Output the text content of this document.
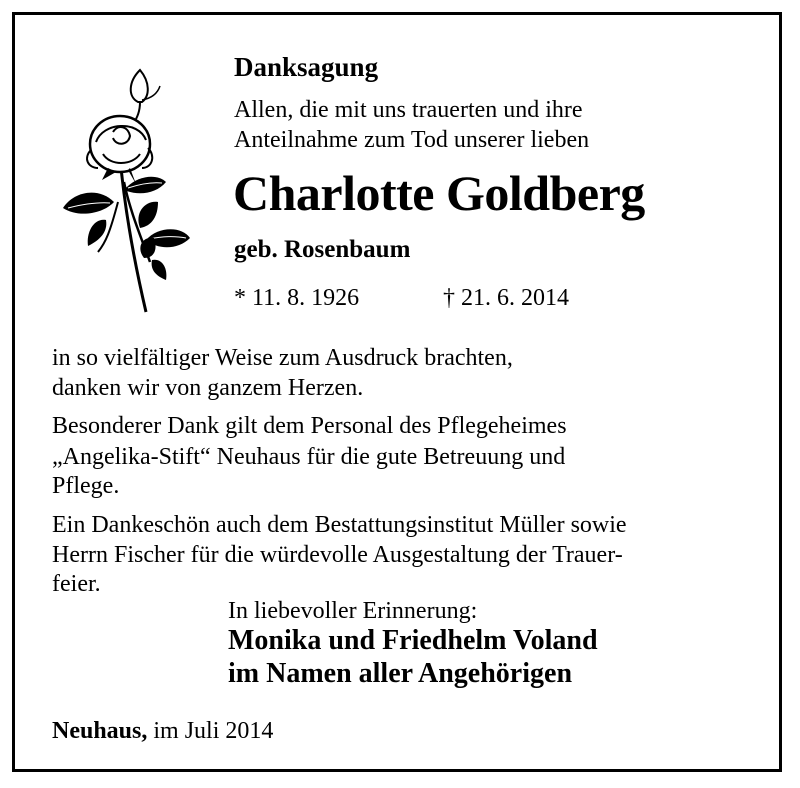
Danksagung
Allen, die mit uns trauerten und ihre
Anteilnahme zum Tod unserer lieben
Charlotte Goldberg
geb. Rosenbaum
* 11. 8. 1926	† 21. 6. 2014
in so vielfältiger Weise zum Ausdruck brachten,
danken wir von ganzem Herzen.
Besonderer Dank gilt dem Personal des Pflegeheimes
„Angelika-Stift“ Neuhaus für die gute Betreuung und
Pflege.
Ein Dankeschön auch dem Bestattungsinstitut Müller sowie
Herrn Fischer für die würdevolle Ausgestaltung der Trauer-
feier.
In liebevoller Erinnerung:
Monika und Friedhelm Voland
im Namen aller Angehörigen
Neuhaus, im Juli 2014
